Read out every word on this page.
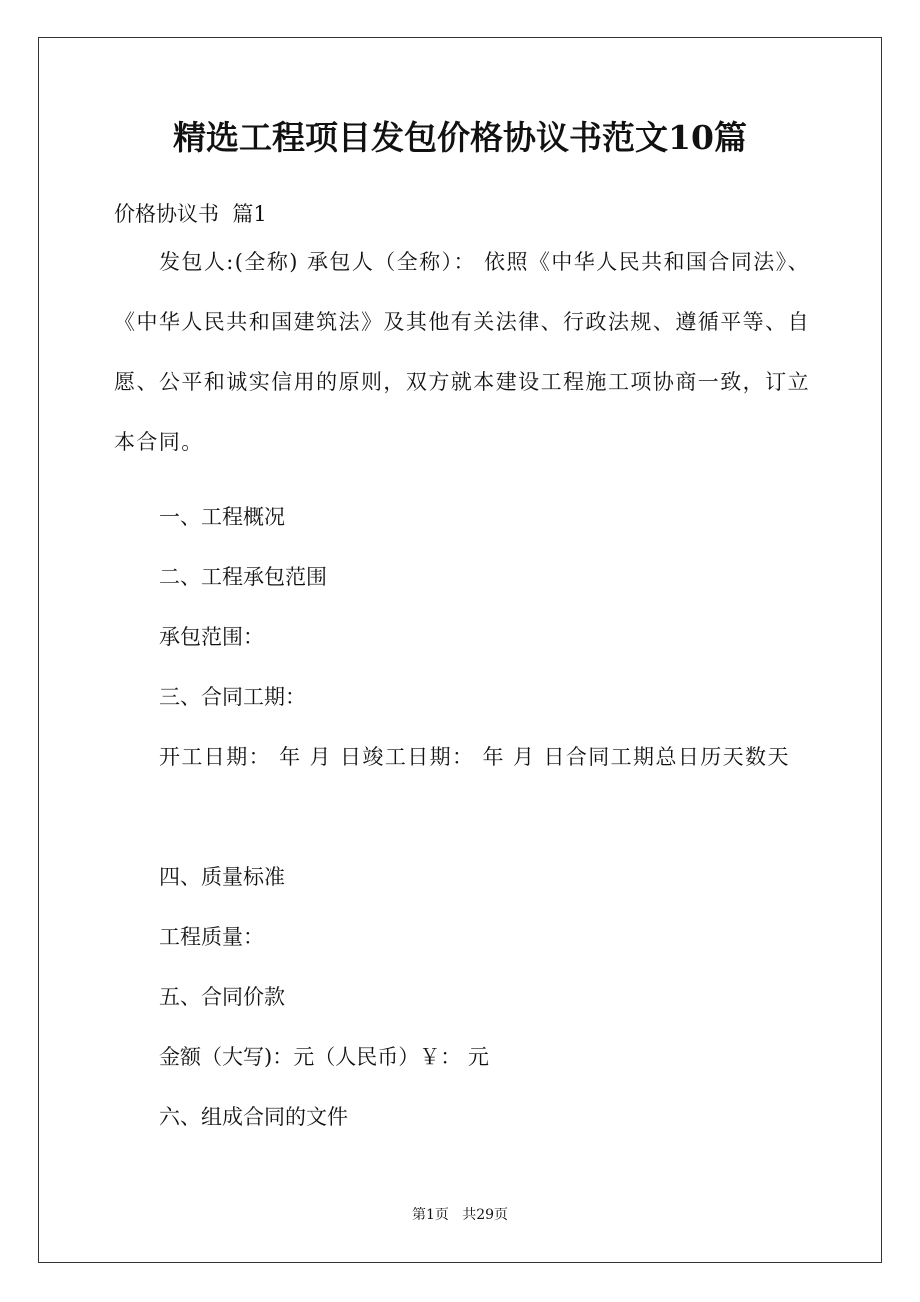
精选工程项目发包价格协议书范文10篇
价格协议书  篇1

发包人:(全称) 承包人（全称）： 依照《中华人民共和国合同法》、《中华人民共和国建筑法》及其他有关法律、行政法规、遵循平等、自愿、公平和诚实信用的原则，双方就本建设工程施工项协商一致，订立本合同。

一、工程概况

二、工程承包范围

承包范围：

三、合同工期：

开工日期： 年 月 日竣工日期： 年 月 日合同工期总日历天数天

四、质量标准

工程质量：

五、合同价款

金额（大写)：元（人民币）￥： 元

六、组成合同的文件

第1页   共29页
